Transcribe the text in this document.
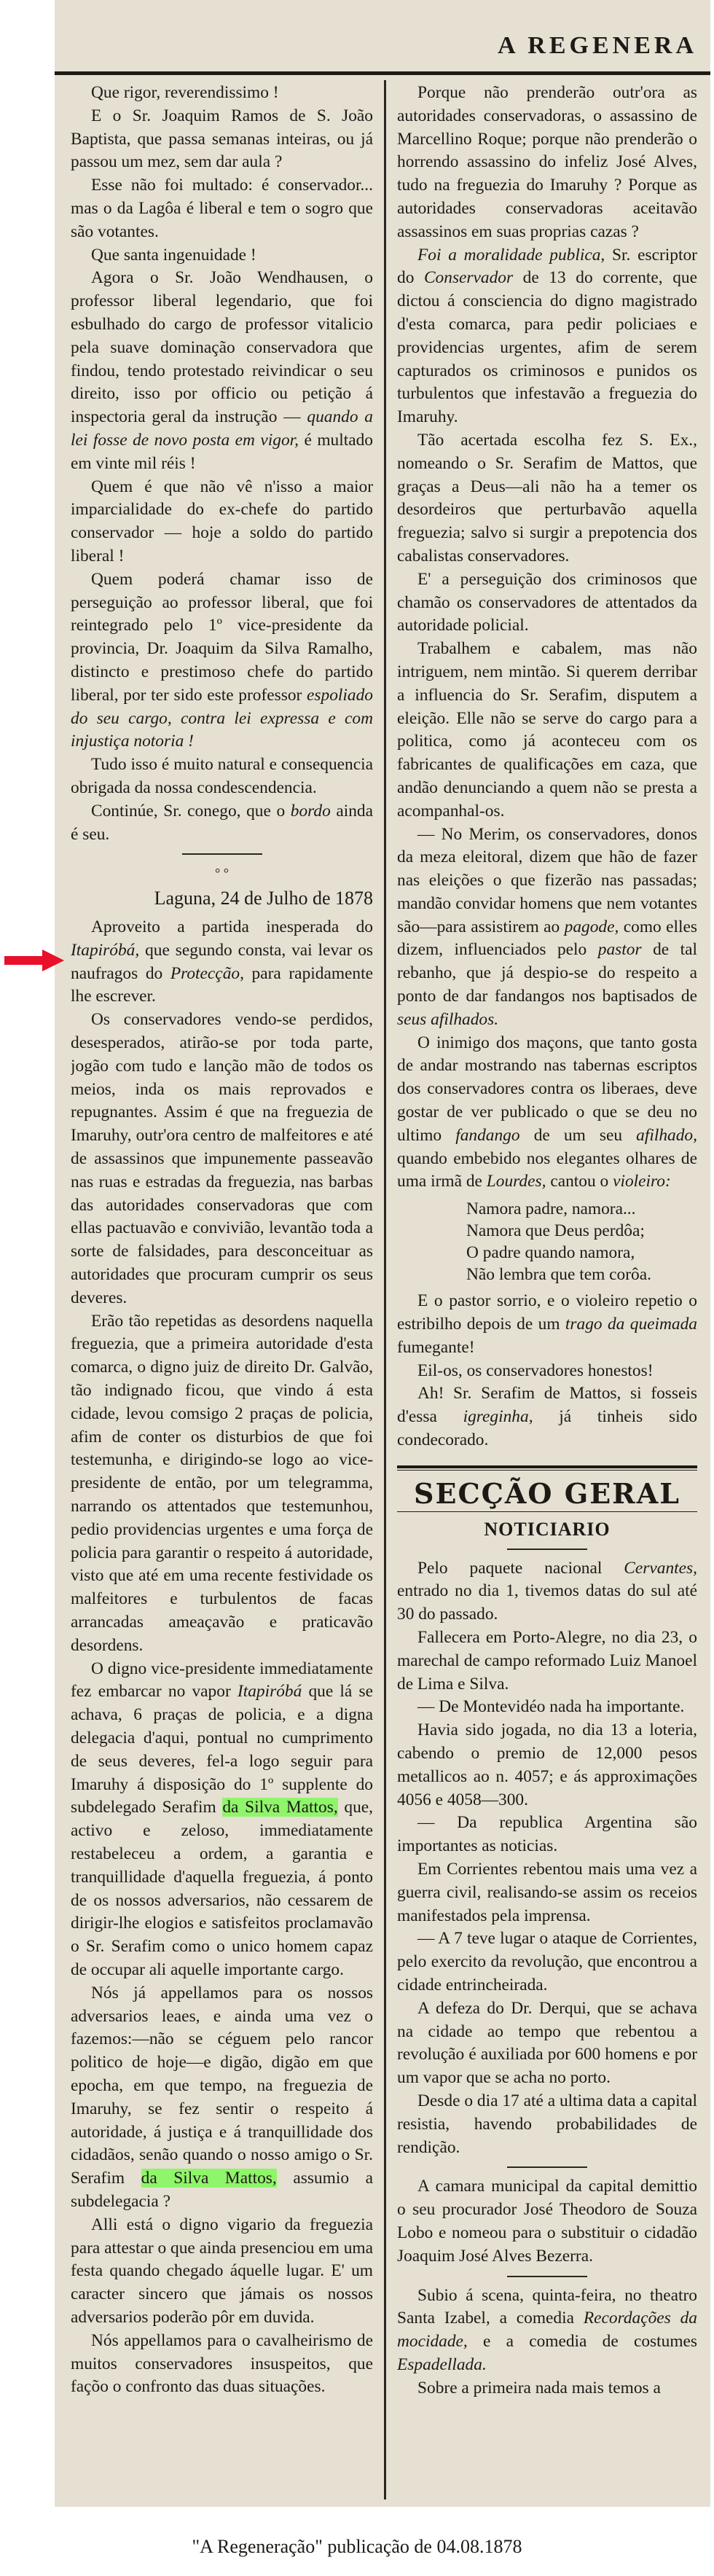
A REGENERA

Que rigor, reverendissimo !

E o Sr. Joaquim Ramos de S. João Baptista, que passa semanas inteiras, ou já passou um mez, sem dar aula ?

Esse não foi multado: é conservador... mas o da Lagôa é liberal e tem o sogro que são votantes.

Que santa ingenuidade !

Agora o Sr. João Wendhausen, o professor liberal legendario, que foi esbulhado do cargo de professor vitalicio pela suave dominação conservadora que findou, tendo protestado reivindicar o seu direito, isso por officio ou petição á inspectoria geral da instrução — quando a lei fosse de novo posta em vigor, é multado em vinte mil réis !

Quem é que não vê n'isso a maior imparcialidade do ex-chefe do partido conservador — hoje a soldo do partido liberal !

Quem poderá chamar isso de perseguição ao professor liberal, que foi reintegrado pelo 1º vice-presidente da provincia, Dr. Joaquim da Silva Ramalho, distincto e prestimoso chefe do partido liberal, por ter sido este professor espoliado do seu cargo, contra lei expressa e com injustiça notoria !

Tudo isso é muito natural e consequencia obrigada da nossa condescendencia.

Continúe, Sr. conego, que o bordo ainda é seu.

° °
Laguna, 24 de Julho de 1878

Aproveito a partida inesperada do Itapiróbá, que segundo consta, vai levar os naufragos do Protecção, para rapidamente lhe escrever.

Os conservadores vendo-se perdidos, desesperados, atirão-se por toda parte, jogão com tudo e lanção mão de todos os meios, inda os mais reprovados e repugnantes. Assim é que na freguezia de Imaruhy, outr'ora centro de malfeitores e até de assassinos que impunemente passeavão nas ruas e estradas da freguezia, nas barbas das autoridades conservadoras que com ellas pactuavão e convivião, levantão toda a sorte de falsidades, para desconceituar as autoridades que procuram cumprir os seus deveres.

Erão tão repetidas as desordens naquella freguezia, que a primeira autoridade d'esta comarca, o digno juiz de direito Dr. Galvão, tão indignado ficou, que vindo á esta cidade, levou comsigo 2 praças de policia, afim de conter os disturbios de que foi testemunha, e dirigindo-se logo ao vice-presidente de então, por um telegramma, narrando os attentados que testemunhou, pedio providencias urgentes e uma força de policia para garantir o respeito á autoridade, visto que até em uma recente festividade os malfeitores e turbulentos de facas arrancadas ameaçavão e praticavão desordens.

O digno vice-presidente immediatamente fez embarcar no vapor Itapiróbá que lá se achava, 6 praças de policia, e a digna delegacia d'aqui, pontual no cumprimento de seus deveres, fel-a logo seguir para Imaruhy á disposição do 1º supplente do subdelegado Serafim da Silva Mattos, que, activo e zeloso, immediatamente restabeleceu a ordem, a garantia e tranquillidade d'aquella freguezia, á ponto de os nossos adversarios, não cessarem de dirigir-lhe elogios e satisfeitos proclamavão o Sr. Serafim como o unico homem capaz de occupar ali aquelle importante cargo.

Nós já appellamos para os nossos adversarios leaes, e ainda uma vez o fazemos:—não se céguem pelo rancor politico de hoje—e digão, digão em que epocha, em que tempo, na freguezia de Imaruhy, se fez sentir o respeito á autoridade, á justiça e á tranquillidade dos cidadãos, senão quando o nosso amigo o Sr. Serafim da Silva Mattos, assumio a subdelegacia ?

Alli está o digno vigario da freguezia para attestar o que ainda presenciou em uma festa quando chegado áquelle lugar. E' um caracter sincero que jámais os nossos adversarios poderão pôr em duvida.

Nós appellamos para o cavalheirismo de muitos conservadores insuspeitos, que façõo o confronto das duas situações.

Porque não prenderão outr'ora as autoridades conservadoras, o assassino de Marcellino Roque; porque não prenderão o horrendo assassino do infeliz José Alves, tudo na freguezia do Imaruhy ? Porque as autoridades conservadoras aceitavão assassinos em suas proprias cazas ?

Foi a moralidade publica, Sr. escriptor do Conservador de 13 do corrente, que dictou á consciencia do digno magistrado d'esta comarca, para pedir policiaes e providencias urgentes, afim de serem capturados os criminosos e punidos os turbulentos que infestavão a freguezia do Imaruhy.

Tão acertada escolha fez S. Ex., nomeando o Sr. Serafim de Mattos, que graças a Deus—ali não ha a temer os desordeiros que perturbavão aquella freguezia; salvo si surgir a prepotencia dos cabalistas conservadores.

E' a perseguição dos criminosos que chamão os conservadores de attentados da autoridade policial.

Trabalhem e cabalem, mas não intriguem, nem mintão. Si querem derribar a influencia do Sr. Serafim, disputem a eleição. Elle não se serve do cargo para a politica, como já aconteceu com os fabricantes de qualificações em caza, que andão denunciando a quem não se presta a acompanhal-os.

— No Merim, os conservadores, donos da meza eleitoral, dizem que hão de fazer nas eleições o que fizerão nas passadas; mandão convidar homens que nem votantes são—para assistirem ao pagode, como elles dizem, influenciados pelo pastor de tal rebanho, que já despio-se do respeito a ponto de dar fandangos nos baptisados de seus afilhados.

O inimigo dos maçons, que tanto gosta de andar mostrando nas tabernas escriptos dos conservadores contra os liberaes, deve gostar de ver publicado o que se deu no ultimo fandango de um seu afilhado, quando embebido nos elegantes olhares de uma irmã de Lourdes, cantou o violeiro:

Namora padre, namora...
Namora que Deus perdôa;
O padre quando namora,
Não lembra que tem corôa.

E o pastor sorrio, e o violeiro repetio o estribilho depois de um trago da queimada fumegante!

Eil-os, os conservadores honestos!

Ah! Sr. Serafim de Mattos, si fosseis d'essa igreginha, já tinheis sido condecorado.

SECÇÃO GERAL
NOTICIARIO

Pelo paquete nacional Cervantes, entrado no dia 1, tivemos datas do sul até 30 do passado.

Fallecera em Porto-Alegre, no dia 23, o marechal de campo reformado Luiz Manoel de Lima e Silva.

— De Montevidéo nada ha importante.

Havia sido jogada, no dia 13 a loteria, cabendo o premio de 12,000 pesos metallicos ao n. 4057; e ás approximações 4056 e 4058—300.

— Da republica Argentina são importantes as noticias.

Em Corrientes rebentou mais uma vez a guerra civil, realisando-se assim os receios manifestados pela imprensa.

— A 7 teve lugar o ataque de Corrientes, pelo exercito da revolução, que encontrou a cidade entrincheirada.

A defeza do Dr. Derqui, que se achava na cidade ao tempo que rebentou a revolução é auxiliada por 600 homens e por um vapor que se acha no porto.

Desde o dia 17 até a ultima data a capital resistia, havendo probabilidades de rendição.

A camara municipal da capital demittio o seu procurador José Theodoro de Souza Lobo e nomeou para o substituir o cidadão Joaquim José Alves Bezerra.

Subio á scena, quinta-feira, no theatro Santa Izabel, a comedia Recordações da mocidade, e a comedia de costumes Espadellada.

Sobre a primeira nada mais temos a

"A Regeneração" publicação de 04.08.1878
